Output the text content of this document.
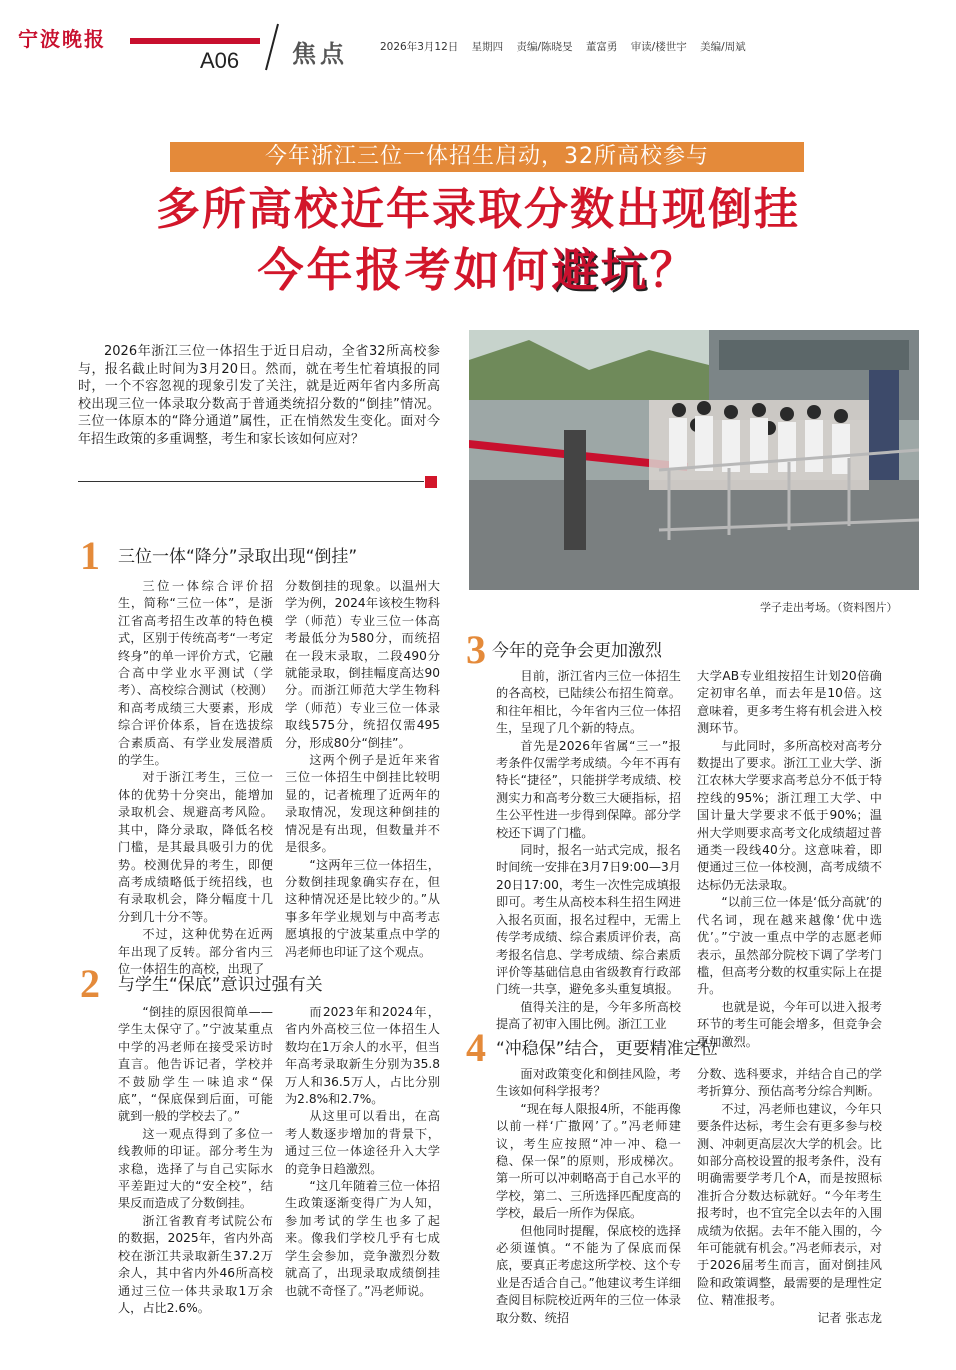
宁波晚报
A06 焦点	2026年3月12日 星期四 责编/陈晓旻 董富勇 审读/楼世宇 美编/周斌
今年浙江三位一体招生启动，32所高校参与
多所高校近年录取分数出现倒挂
今年报考如何避坑？
2026年浙江三位一体招生于近日启动，全省32所高校参与，报名截止时间为3月20日。然而，就在考生忙着填报的同时，一个不容忽视的现象引发了关注，就是近两年省内多所高校出现三位一体录取分数高于普通类统招分数的“倒挂”情况。三位一体原本的“降分通道”属性，正在悄然发生变化。面对今年招生政策的多重调整，考生和家长该如何应对？
学子走出考场。（资料图片）
1 三位一体“降分”录取出现“倒挂”

三位一体综合评价招生，简称“三位一体”，是浙江省高考招生改革的特色模式，区别于传统高考“一考定终身”的单一评价方式，它融合高中学业水平测试（学考）、高校综合测试（校测）和高考成绩三大要素，形成综合评价体系，旨在选拔综合素质高、有学业发展潜质的学生。

对于浙江考生，三位一体的优势十分突出，能增加录取机会、规避高考风险。其中，降分录取，降低名校门槛，是其最具吸引力的优势。校测优异的考生，即便高考成绩略低于统招线，也有录取机会，降分幅度十几分到几十分不等。

不过，这种优势在近两年出现了反转。部分省内三位一体招生的高校，出现了

分数倒挂的现象。以温州大学为例，2024年该校生物科学（师范）专业三位一体高考最低分为580分，而统招在一段末录取，二段490分就能录取，倒挂幅度高达90分。而浙江师范大学生物科学（师范）专业三位一体录取线575分，统招仅需495分，形成80分“倒挂”。

这两个例子是近年来省三位一体招生中倒挂比较明显的，记者梳理了近两年的录取情况，发现这种倒挂的情况是有出现，但数量并不是很多。

“这两年三位一体招生，分数倒挂现象确实存在，但这种情况还是比较少的。”从事多年学业规划与中高考志愿填报的宁波某重点中学的冯老师也印证了这个观点。

2 与学生“保底”意识过强有关

“倒挂的原因很简单——学生太保守了。”宁波某重点中学的冯老师在接受采访时直言。他告诉记者，学校并不鼓励学生一味追求“保底”，“保底保到后面，可能就到一般的学校去了。”

这一观点得到了多位一线教师的印证。部分考生为求稳，选择了与自己实际水平差距过大的“安全校”，结果反而造成了分数倒挂。

浙江省教育考试院公布的数据，2025年，省内外高校在浙江共录取新生37.2万余人，其中省内外46所高校通过三位一体共录取1万余人，占比2.6%。

而2023年和2024年，省内外高校三位一体招生人数均在1万余人的水平，但当年高考录取新生分别为35.8万人和36.5万人，占比分别为2.8%和2.7%。

从这里可以看出，在高考人数逐步增加的背景下，通过三位一体途径升入大学的竞争日趋激烈。

“这几年随着三位一体招生政策逐渐变得广为人知，参加考试的学生也多了起来。像我们学校几乎有七成学生会参加，竞争激烈分数就高了，出现录取成绩倒挂也就不奇怪了。”冯老师说。

3 今年的竞争会更加激烈

目前，浙江省内三位一体招生的各高校，已陆续公布招生简章。和往年相比，今年省内三位一体招生，呈现了几个新的特点。

首先是2026年省属“三一”报考条件仅需学考成绩。今年不再有特长“捷径”，只能拼学考成绩、校测实力和高考分数三大硬指标，招生公平性进一步得到保障。部分学校还下调了门槛。

同时，报名一站式完成，报名时间统一安排在3月7日9:00—3月20日17:00，考生一次性完成填报即可。考生从高校本科生招生网进入报名页面，报名过程中，无需上传学考成绩、综合素质评价表，高考报名信息、学考成绩、综合素质评价等基础信息由省级教育行政部门统一共享，避免多头重复填报。

值得关注的是，今年多所高校提高了初审入围比例。浙江工业

大学AB专业组按招生计划20倍确定初审名单，而去年是10倍。这意味着，更多考生将有机会进入校测环节。

与此同时，多所高校对高考分数提出了要求。浙江工业大学、浙江农林大学要求高考总分不低于特控线的95%；浙江理工大学、中国计量大学要求不低于90%；温州大学则要求高考文化成绩超过普通类一段线40分。这意味着，即便通过三位一体校测，高考成绩不达标仍无法录取。

“以前三位一体是‘低分高就’的代名词，现在越来越像‘优中选优’。”宁波一重点中学的志愿老师表示，虽然部分院校下调了学考门槛，但高考分数的权重实际上在提升。

也就是说，今年可以进入报考环节的考生可能会增多，但竞争会更加激烈。

4 “冲稳保”结合，更要精准定位

面对政策变化和倒挂风险，考生该如何科学报考？

“现在每人限报4所，不能再像以前一样‘广撒网’了。”冯老师建议，考生应按照“冲一冲、稳一稳、保一保”的原则，形成梯次。第一所可以冲刺略高于自己水平的学校，第二、三所选择匹配度高的学校，最后一所作为保底。

但他同时提醒，保底校的选择必须谨慎。“不能为了保底而保底，要真正考虑这所学校、这个专业是否适合自己。”他建议考生详细查阅目标院校近两年的三位一体录取分数、统招

分数、选科要求，并结合自己的学考折算分、预估高考分综合判断。

不过，冯老师也建议，今年只要条件达标，考生会有更多参与校测、冲刺更高层次大学的机会。比如部分高校设置的报考条件，没有明确需要学考几个A，而是按照标准折合分数达标就好。“今年考生报考时，也不宜完全以去年的入围成绩为依据。去年不能入围的，今年可能就有机会。”冯老师表示，对于2026届考生而言，面对倒挂风险和政策调整，最需要的是理性定位、精准报考。

记者 张志龙
